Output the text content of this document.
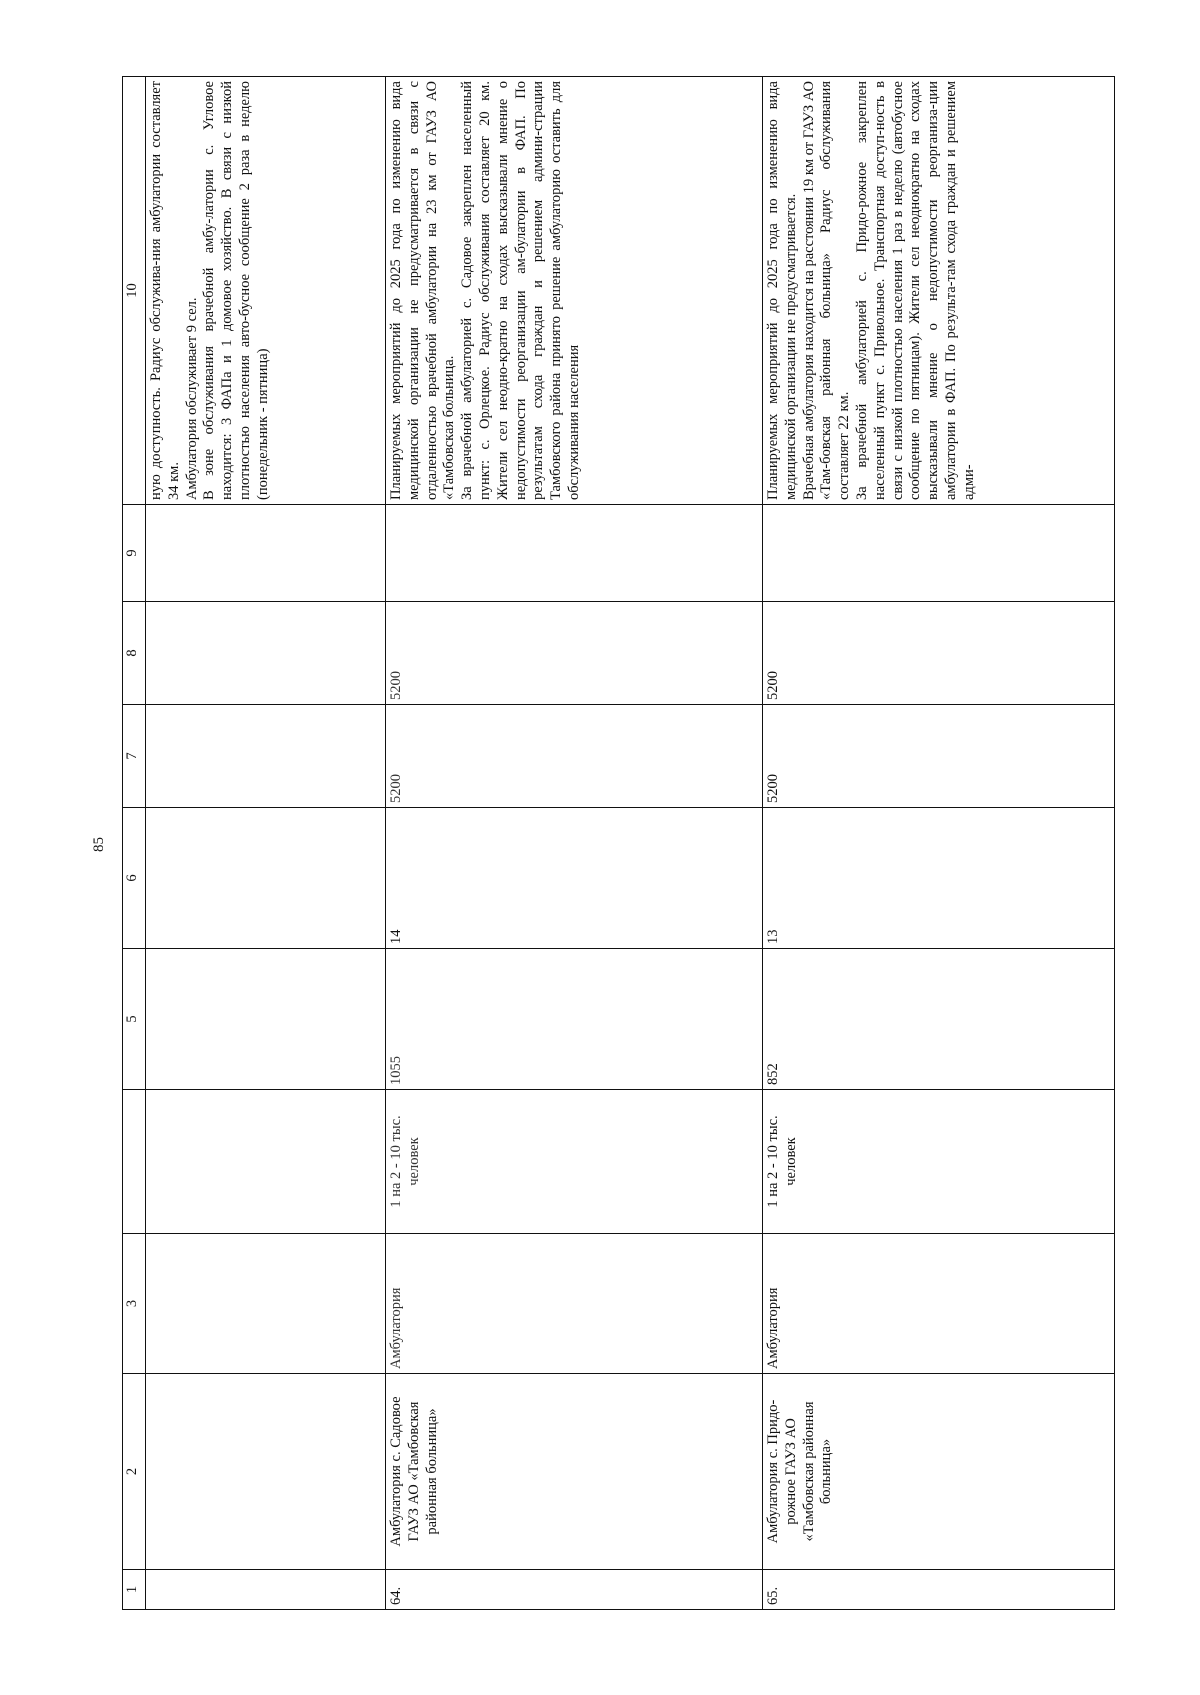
85
1	2	3		5	6	7	8	9	10

									ную доступность. Радиус обслужива-ния амбулатории составляет 34 км. Амбулатория обслуживает 9 сел. В зоне обслуживания врачебной амбу-латории с. Угловое находится: 3 ФАПа и 1 домовое хозяйство. В связи с низкой плотностью населения авто-бусное сообщение 2 раза в неделю (понедельник - пятница)

64.	Амбулатория с. Садовое ГАУЗ АО «Тамбовская районная больница»	Амбулатория	1 на 2 - 10 тыс. человек	1055	14	5200	5200		Планируемых мероприятий до 2025 года по изменению вида медицинской организации не предусматривается в связи с отдаленностью врачебной амбулатории на 23 км от ГАУЗ АО «Тамбовская больница. За врачебной амбулаторией с. Садовое закреплен населенный пункт: с. Орлецкое. Радиус обслуживания составляет 20 км. Жители сел неодно-кратно на сходах высказывали мнение о недопустимости реорганизации ам-булатории в ФАП. По результатам схода граждан и решением админи-страции Тамбовского района принято решение амбулаторию оставить для обслуживания населения

65.	Амбулатория с. Придо-рожное ГАУЗ АО «Тамбовская районная больница»	Амбулатория	1 на 2 - 10 тыс. человек	852	13	5200	5200		Планируемых мероприятий до 2025 года по изменению вида медицинской организации не предусматривается. Врачебная амбулатория находится на расстоянии 19 км от ГАУЗ АО «Там-бовская районная больница» Радиус обслуживания составляет 22 км. За врачебной амбулаторией с. Придо-рожное закреплен населенный пункт с. Привольное. Транспортная доступ-ность в связи с низкой плотностью населения 1 раз в неделю (автобусное сообщение по пятницам). Жители сел неоднократно на сходах высказывали мнение о недопустимости реорганиза-ции амбулатории в ФАП. По результа-там схода граждан и решением адми-
